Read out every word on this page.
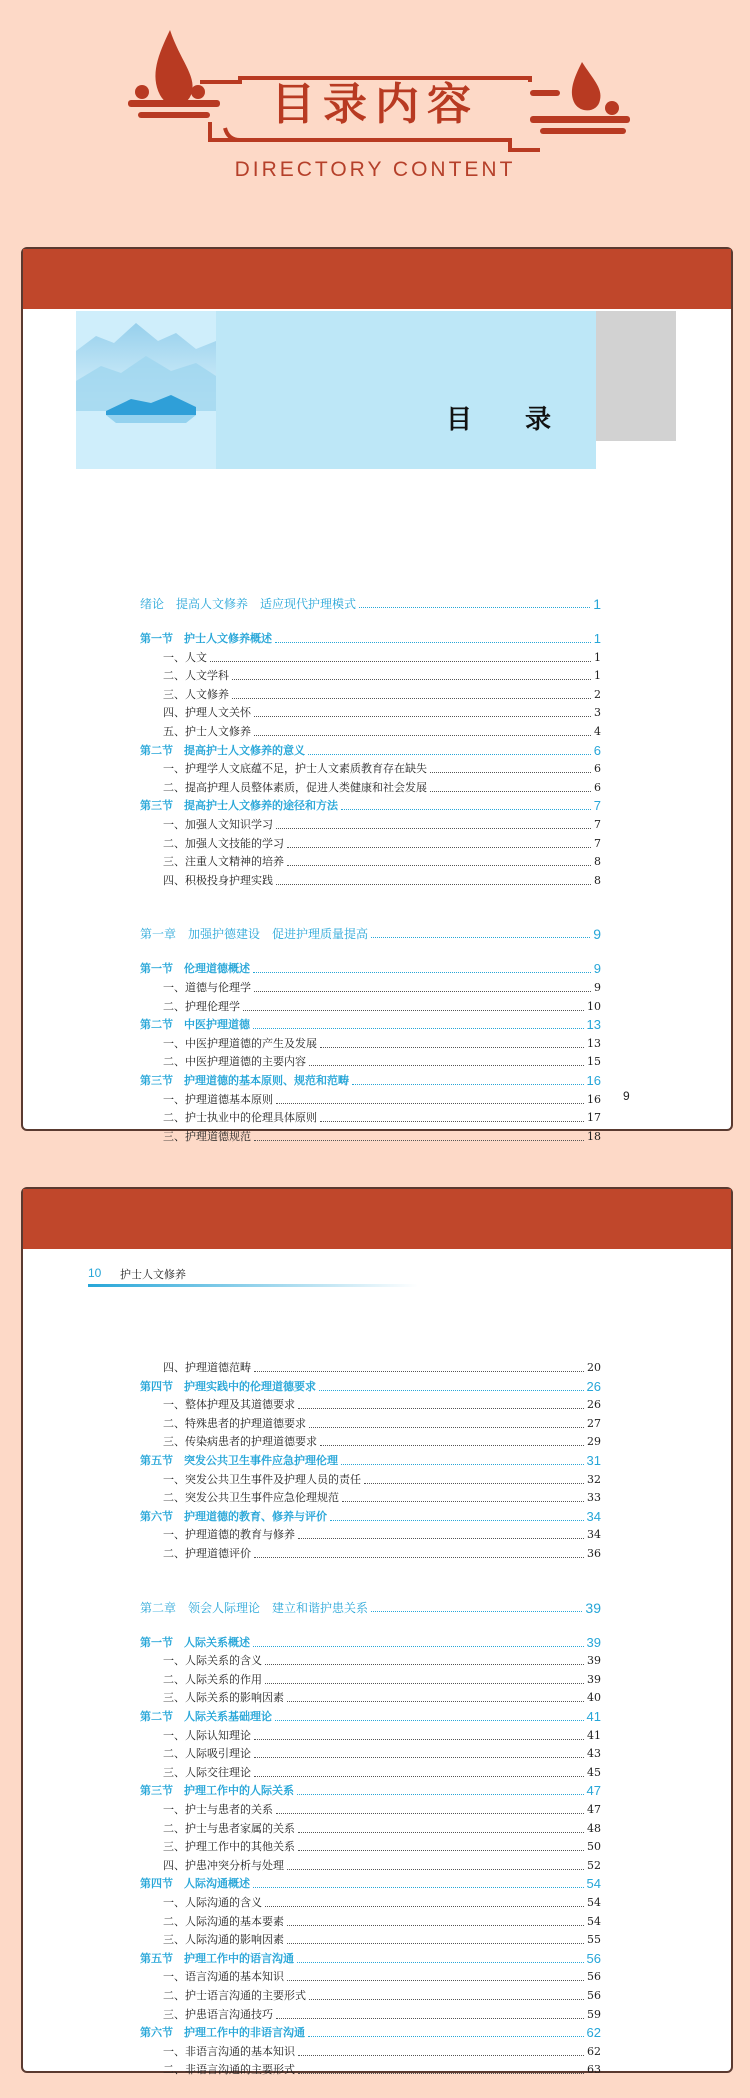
目录内容
DIRECTORY CONTENT
目 录
绪论　提高人文修养　适应现代护理模式	1
第一节　护士人文修养概述	1
一、人文	1
二、人文学科	1
三、人文修养	2
四、护理人文关怀	3
五、护士人文修养	4
第二节　提高护士人文修养的意义	6
一、护理学人文底蕴不足，护士人文素质教育存在缺失	6
二、提高护理人员整体素质，促进人类健康和社会发展	6
第三节　提高护士人文修养的途径和方法	7
一、加强人文知识学习	7
二、加强人文技能的学习	7
三、注重人文精神的培养	8
四、积极投身护理实践	8
第一章　加强护德建设　促进护理质量提高	9
第一节　伦理道德概述	9
一、道德与伦理学	9
二、护理伦理学	10
第二节　中医护理道德	13
一、中医护理道德的产生及发展	13
二、中医护理道德的主要内容	15
第三节　护理道德的基本原则、规范和范畴	16
一、护理道德基本原则	16
二、护士执业中的伦理具体原则	17
三、护理道德规范	18
9
10 护士人文修养
四、护理道德范畴	20
第四节　护理实践中的伦理道德要求	26
一、整体护理及其道德要求	26
二、特殊患者的护理道德要求	27
三、传染病患者的护理道德要求	29
第五节　突发公共卫生事件应急护理伦理	31
一、突发公共卫生事件及护理人员的责任	32
二、突发公共卫生事件应急伦理规范	33
第六节　护理道德的教育、修养与评价	34
一、护理道德的教育与修养	34
二、护理道德评价	36
第二章　领会人际理论　建立和谐护患关系	39
第一节　人际关系概述	39
一、人际关系的含义	39
二、人际关系的作用	39
三、人际关系的影响因素	40
第二节　人际关系基础理论	41
一、人际认知理论	41
二、人际吸引理论	43
三、人际交往理论	45
第三节　护理工作中的人际关系	47
一、护士与患者的关系	47
二、护士与患者家属的关系	48
三、护理工作中的其他关系	50
四、护患冲突分析与处理	52
第四节　人际沟通概述	54
一、人际沟通的含义	54
二、人际沟通的基本要素	54
三、人际沟通的影响因素	55
第五节　护理工作中的语言沟通	56
一、语言沟通的基本知识	56
二、护士语言沟通的主要形式	56
三、护患语言沟通技巧	59
第六节　护理工作中的非语言沟通	62
一、非语言沟通的基本知识	62
二、非语言沟通的主要形式	63
